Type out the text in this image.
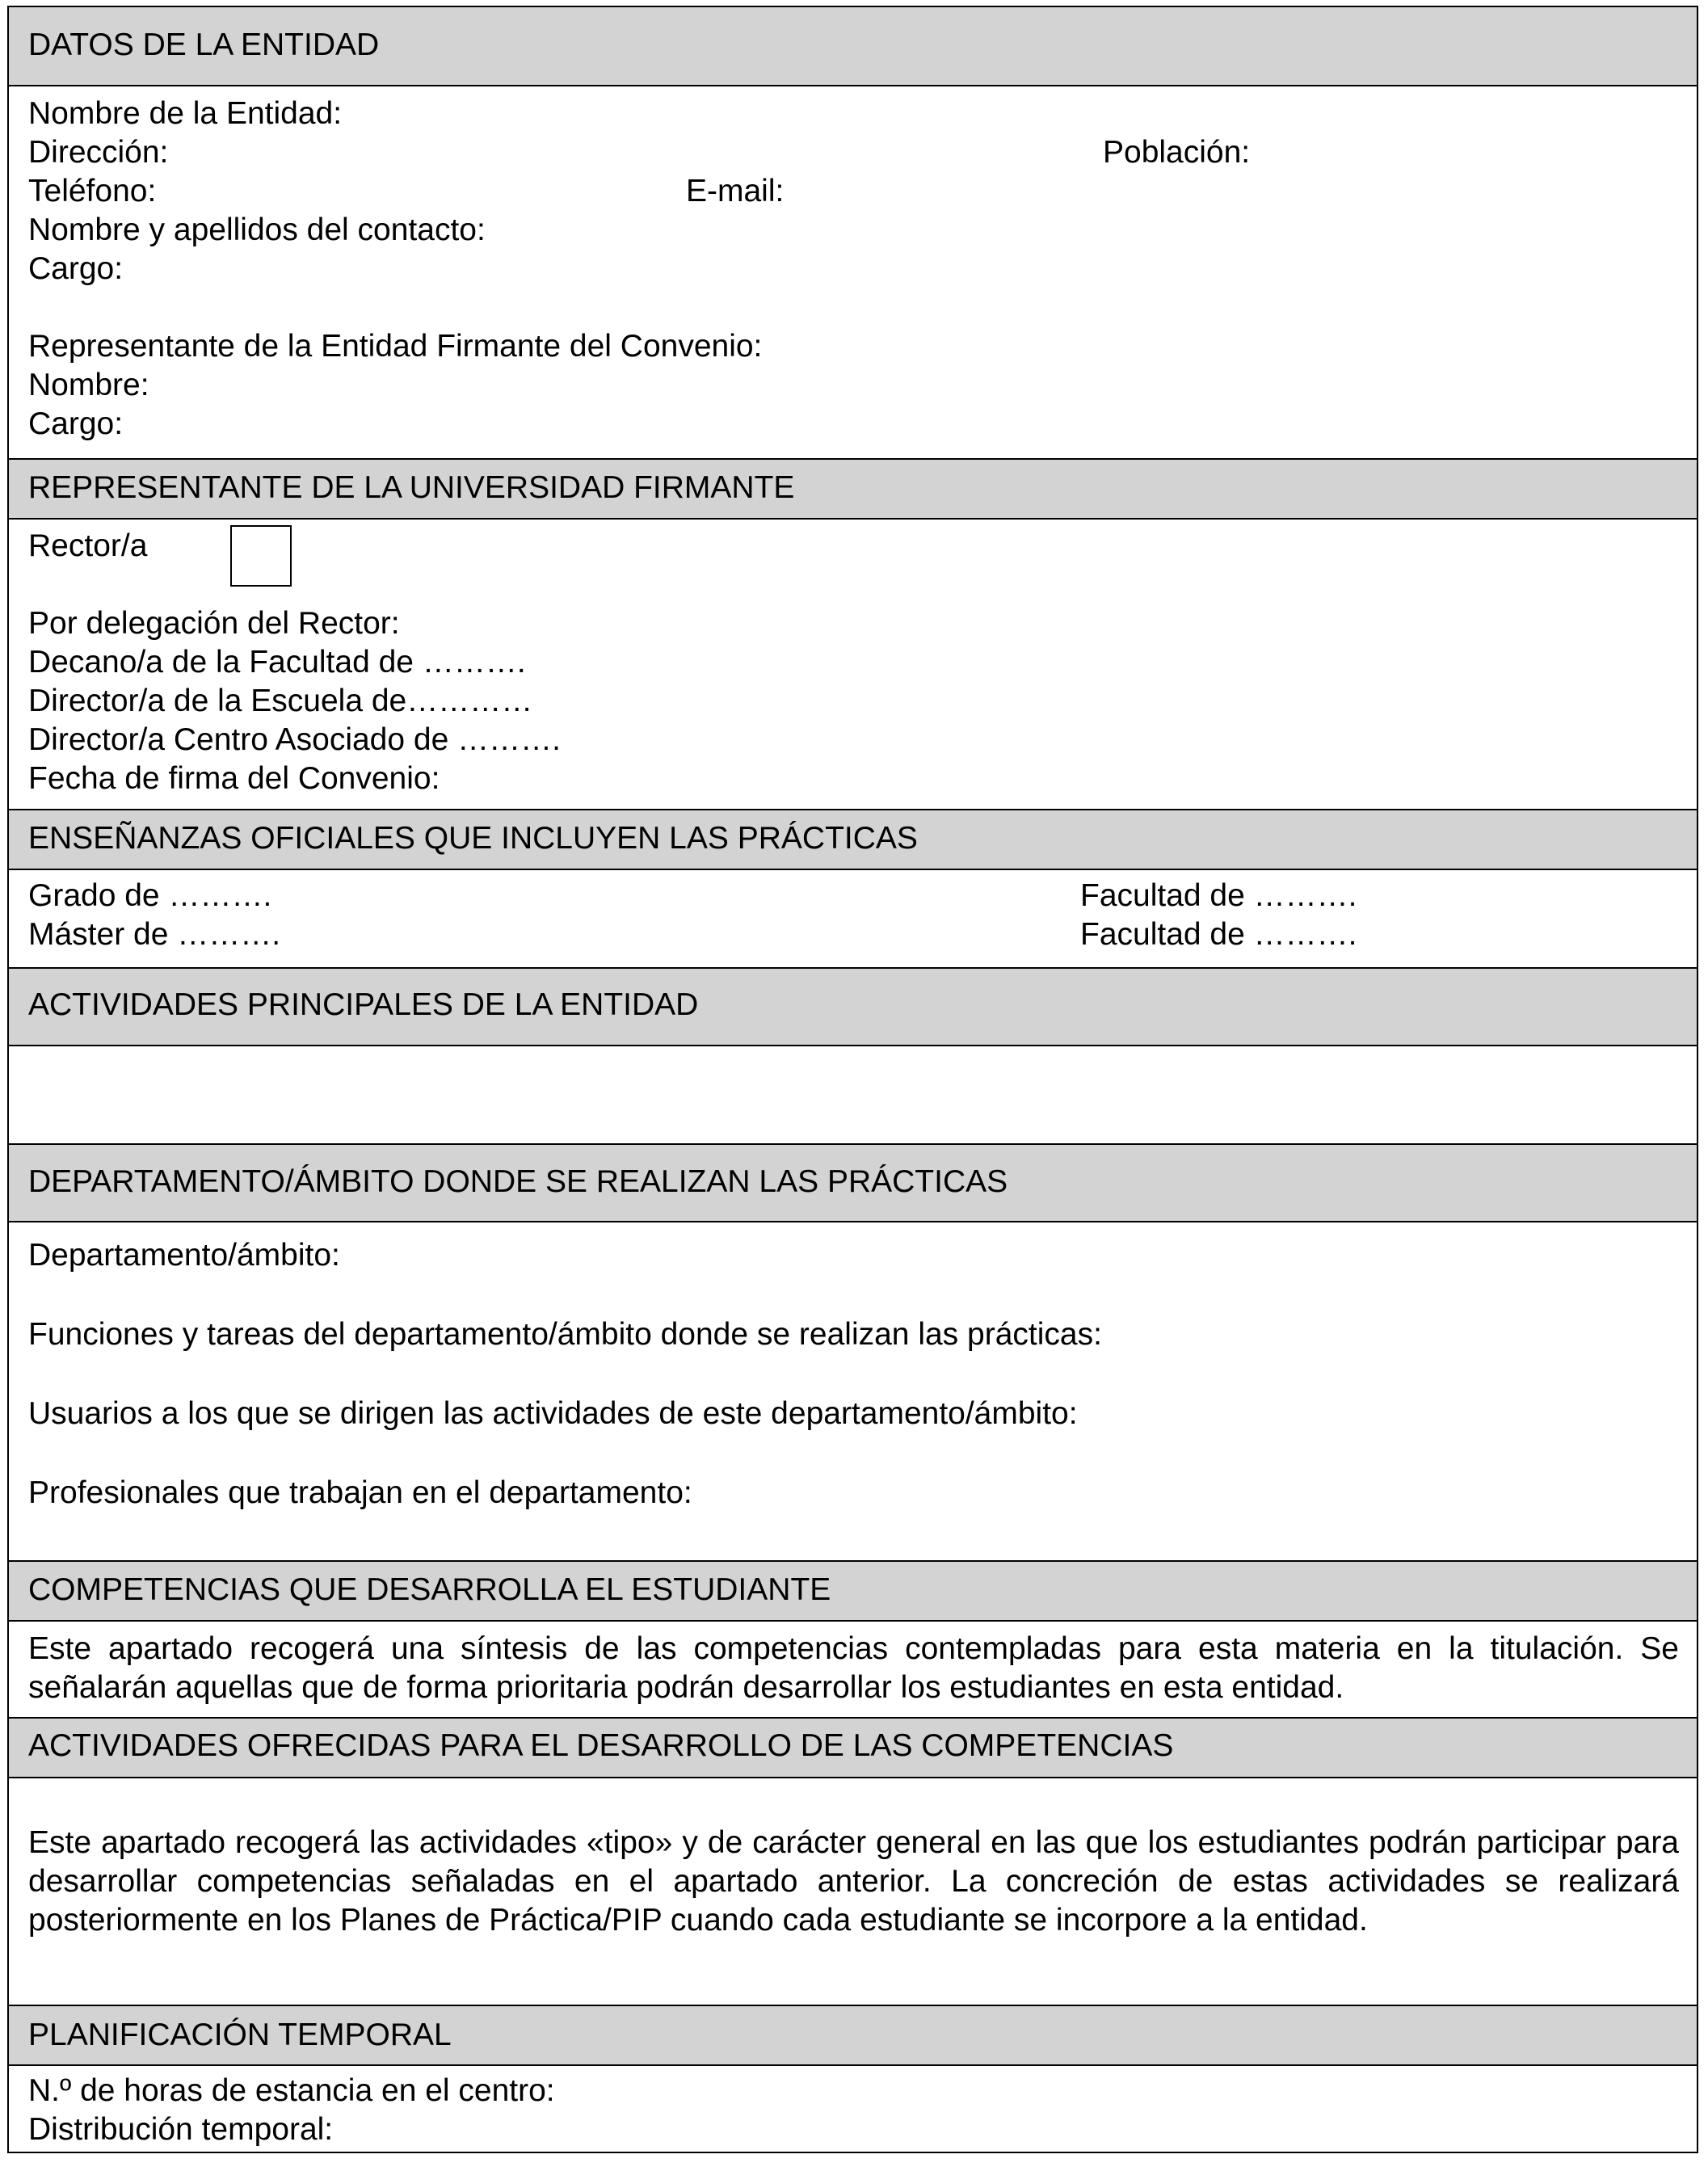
DATOS DE LA ENTIDAD
Nombre de la Entidad:
Dirección:	Población:
Teléfono:	E-mail:
Nombre y apellidos del contacto:
Cargo:
Representante de la Entidad Firmante del Convenio:
Nombre:
Cargo:
REPRESENTANTE DE LA UNIVERSIDAD FIRMANTE
Rector/a
Por delegación del Rector:
Decano/a de la Facultad de ……….
Director/a de la Escuela de…………
Director/a Centro Asociado de ……….
Fecha de firma del Convenio:
ENSEÑANZAS OFICIALES QUE INCLUYEN LAS PRÁCTICAS
Grado de ……….	Facultad de ……….
Máster de ……….	Facultad de ……….
ACTIVIDADES PRINCIPALES DE LA ENTIDAD
DEPARTAMENTO/ÁMBITO DONDE SE REALIZAN LAS PRÁCTICAS
Departamento/ámbito:
Funciones y tareas del departamento/ámbito donde se realizan las prácticas:
Usuarios a los que se dirigen las actividades de este departamento/ámbito:
Profesionales que trabajan en el departamento:
COMPETENCIAS QUE DESARROLLA EL ESTUDIANTE
Este apartado recogerá una síntesis de las competencias contempladas para esta materia en la titulación. Se señalarán aquellas que de forma prioritaria podrán desarrollar los estudiantes en esta entidad.
ACTIVIDADES OFRECIDAS PARA EL DESARROLLO DE LAS COMPETENCIAS
Este apartado recogerá las actividades «tipo» y de carácter general en las que los estudiantes podrán participar para desarrollar competencias señaladas en el apartado anterior. La concreción de estas actividades se realizará posteriormente en los Planes de Práctica/PIP cuando cada estudiante se incorpore a la entidad.
PLANIFICACIÓN TEMPORAL
N.º de horas de estancia en el centro:
Distribución temporal:
